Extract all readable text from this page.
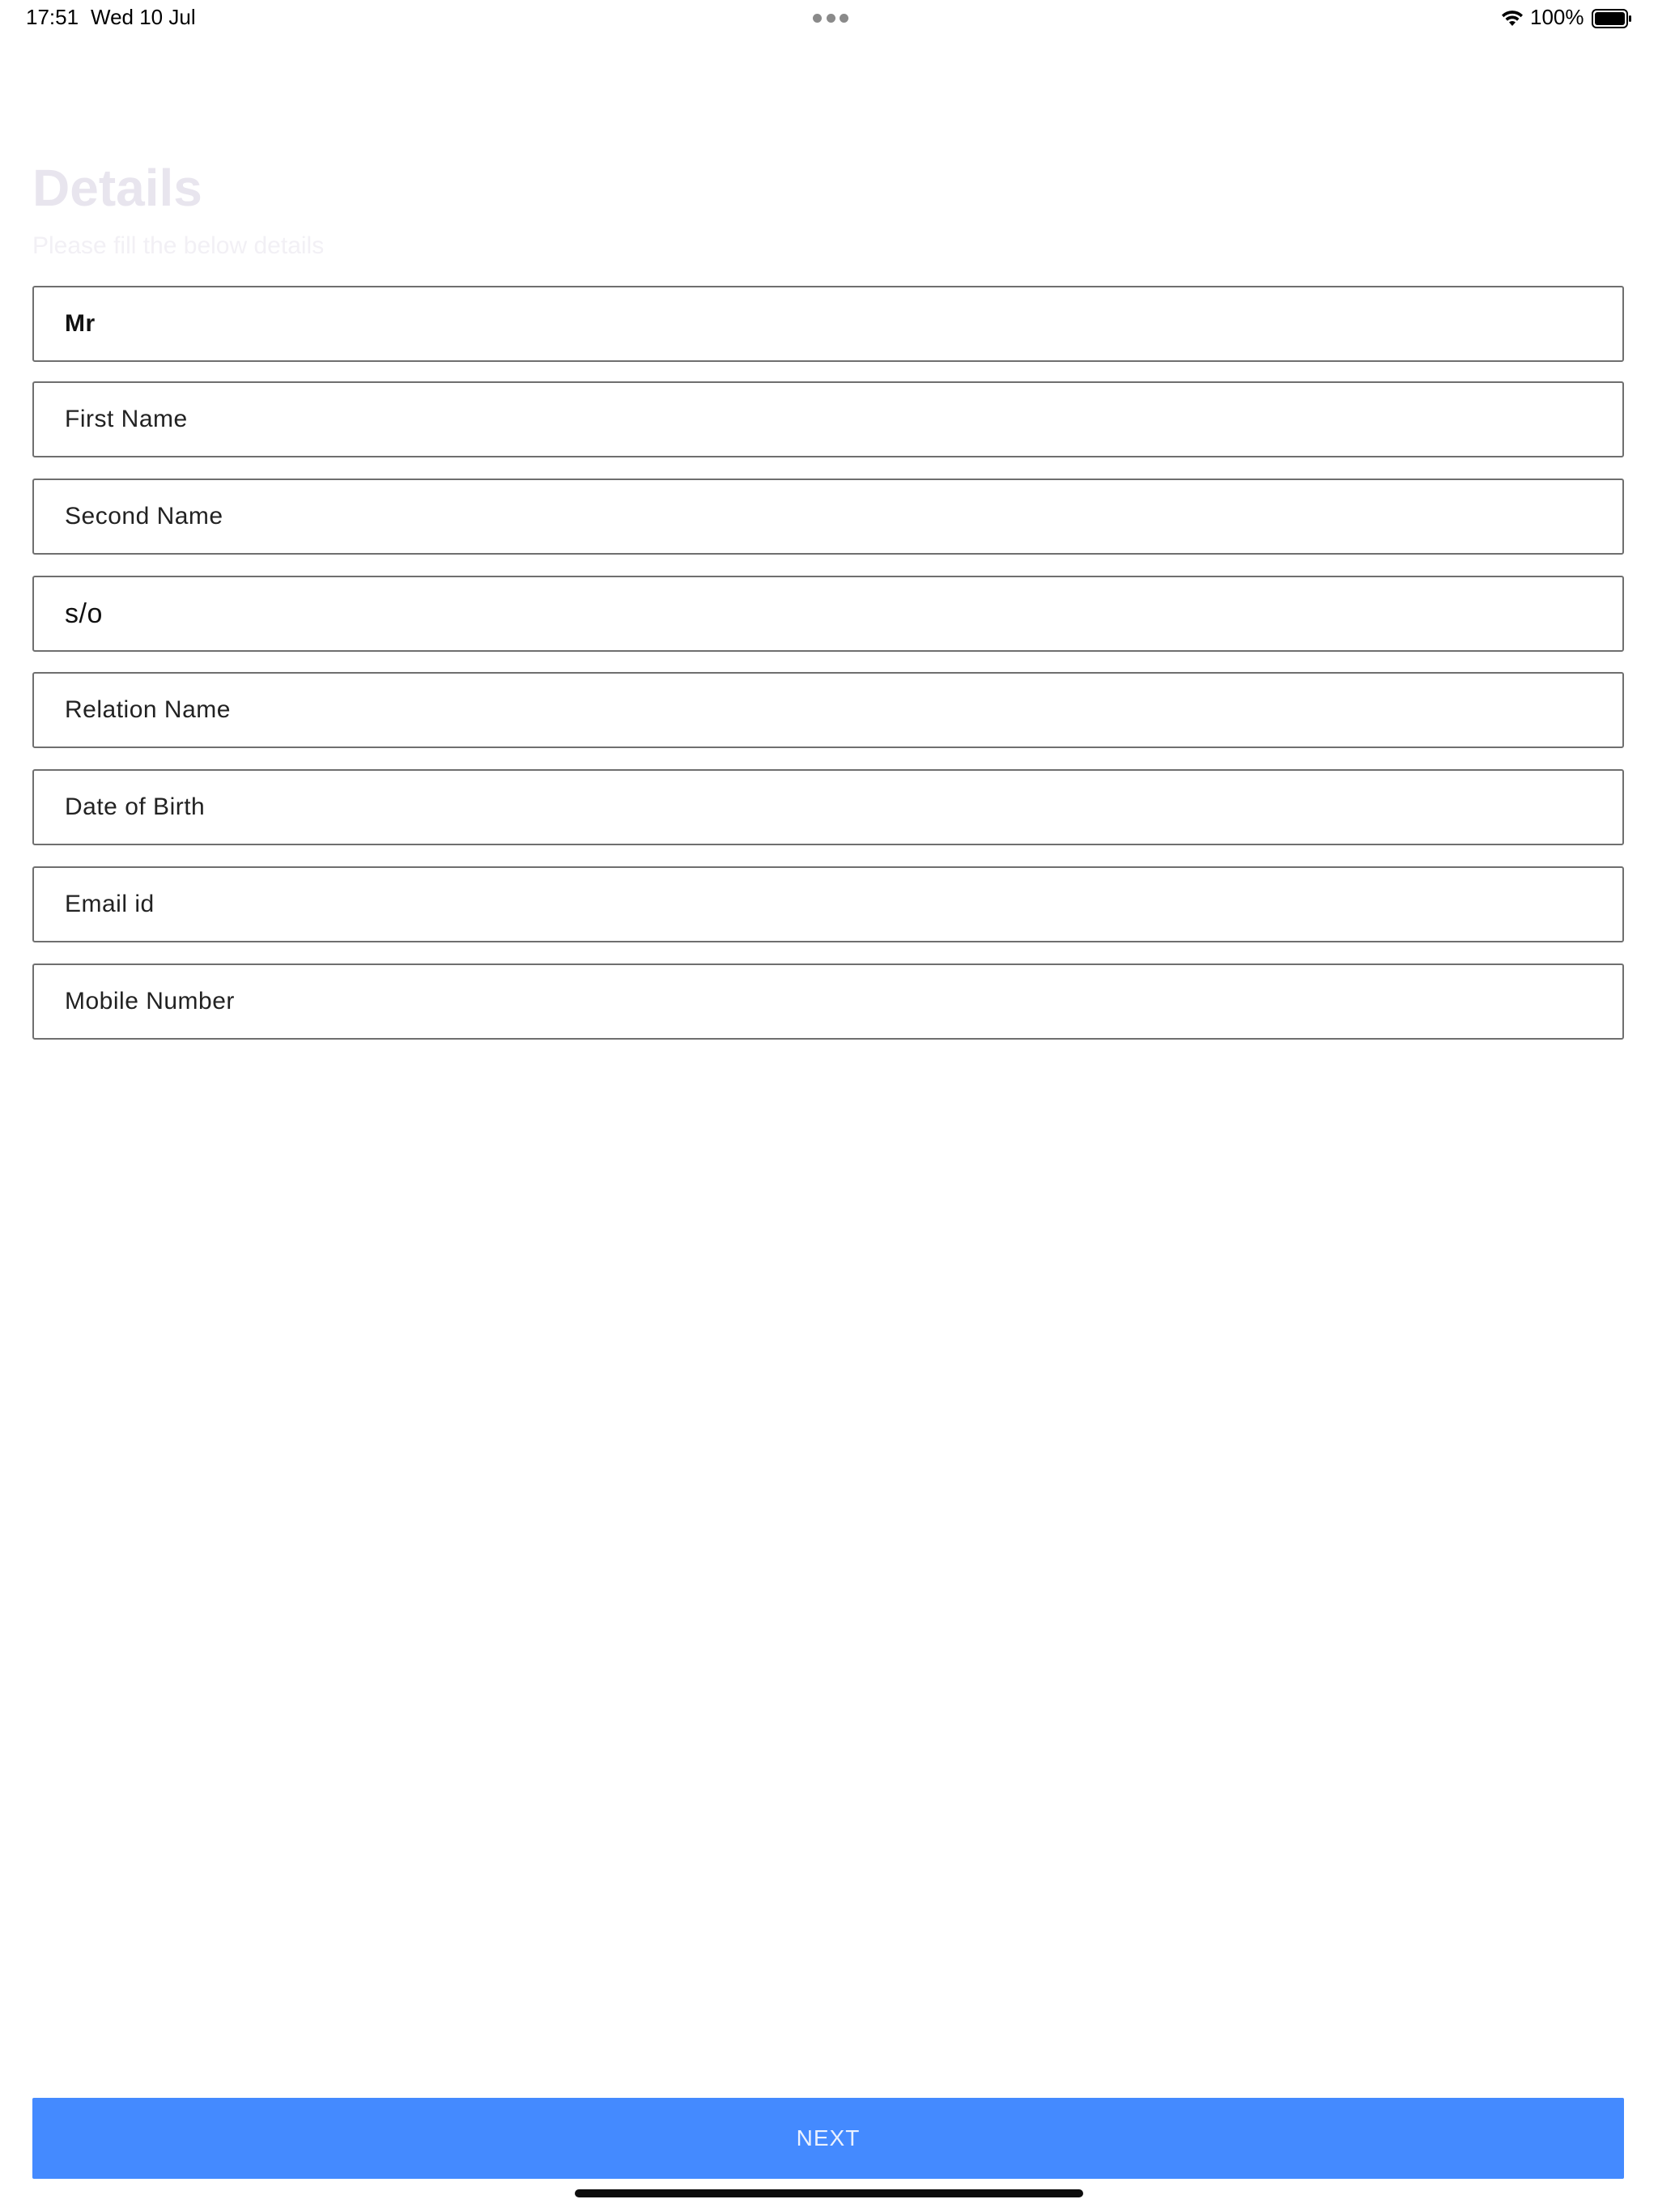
17:51 Wed 10 Jul	100%
Details
Please fill the below details
Mr
First Name
Second Name
s/o
Relation Name
Date of Birth
Email id
Mobile Number
NEXT
